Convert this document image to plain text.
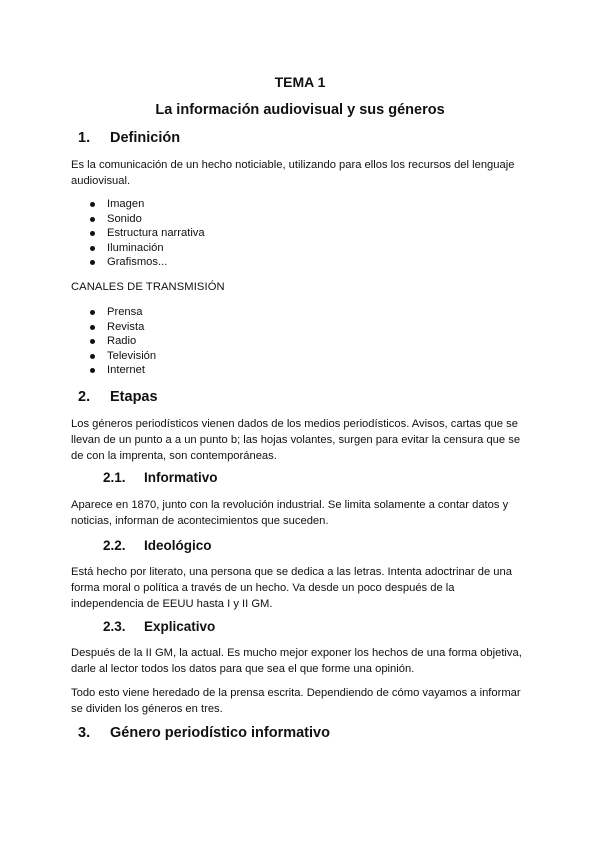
TEMA 1
La información audiovisual y sus géneros
1. Definición
Es la comunicación de un hecho noticiable, utilizando para ellos los recursos del lenguaje
audiovisual.
Imagen
Sonido
Estructura narrativa
Iluminación
Grafismos...
CANALES DE TRANSMISIÓN
Prensa
Revista
Radio
Televisión
Internet
2. Etapas
Los géneros periodísticos vienen dados de los medios periodísticos. Avisos, cartas que se
llevan de un punto a a un punto b; las hojas volantes, surgen para evitar la censura que se
de con la imprenta, son contemporáneas.
2.1. Informativo
Aparece en 1870, junto con la revolución industrial. Se limita solamente a contar datos y
noticias, informan de acontecimientos que suceden.
2.2. Ideológico
Está hecho por literato, una persona que se dedica a las letras. Intenta adoctrinar de una
forma moral o política a través de un hecho. Va desde un poco después de la
independencia de EEUU hasta I y II GM.
2.3. Explicativo
Después de la II GM, la actual. Es mucho mejor exponer los hechos de una forma objetiva,
darle al lector todos los datos para que sea el que forme una opinión.
Todo esto viene heredado de la prensa escrita. Dependiendo de cómo vayamos a informar
se dividen los géneros en tres.
3. Género periodístico informativo
